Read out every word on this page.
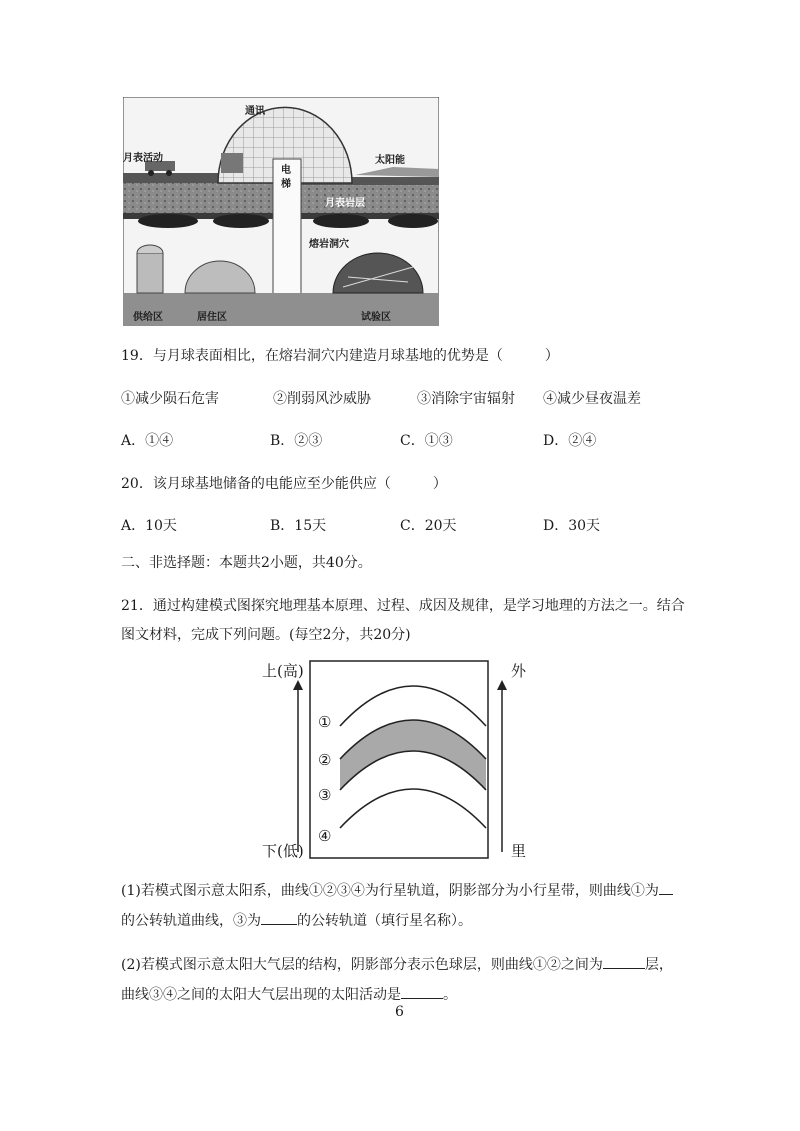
通讯
月表活动
电
梯
太阳能
月表岩层
熔岩洞穴
供给区	居住区	试验区
19．与月球表面相比，在熔岩洞穴内建造月球基地的优势是（　　　）
①减少陨石危害	②削弱风沙威胁	③消除宇宙辐射 ④减少昼夜温差
A．①④	B．②③	C．①③	D．②④
20．该月球基地储备的电能应至少能供应（　　　）
A．10天	B．15天	C．20天	D．30天
二、非选择题：本题共2小题，共40分。
21．通过构建模式图探究地理基本原理、过程、成因及规律，是学习地理的方法之一。结合
图文材料，完成下列问题。(每空2分，共20分)
上(高)
下(低)
外
里
①
②
③
④
(1)若模式图示意太阳系，曲线①②③④为行星轨道，阴影部分为小行星带，则曲线①为
的公转轨道曲线，③为	的公转轨道（填行星名称）。
(2)若模式图示意太阳大气层的结构，阴影部分表示色球层，则曲线①②之间为	层，
曲线③④之间的太阳大气层出现的太阳活动是	。
6
